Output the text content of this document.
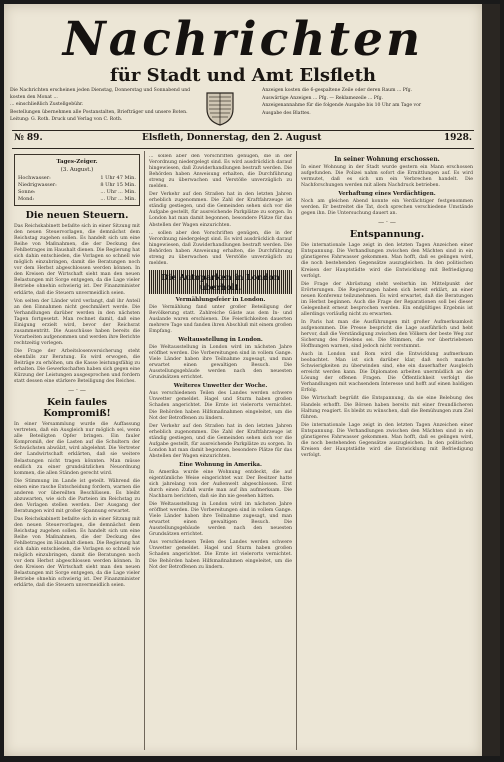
Nachrichten
für Stadt und Amt Elsfleth

Die Nachrichten erscheinen jeden Dienstag, Donnerstag und Sonnabend und kosten den Monat ...

... einschließlich Zustellgebühr.

Bestellungen übernehmen alle Postanstalten, Briefträger und unsere Boten.

Leitung: G. Roth. Druck und Verlag von C. Roth.

Anzeigen kosten die 6-gespaltene Zeile oder deren Raum ... Pfg.

Auswärtige Anzeigen ... Pfg. — Reklamezeile ... Pfg.

Anzeigenannahme für die folgende Ausgabe bis 10 Uhr am Tage vor

Ausgabe des Blattes.

№ 89.	Elsfleth, Donnerstag, den 2. August	1928.
Tages-Zeiger.
(3. August.)
Hochwasser:	1 Uhr 47 Min.
Niedrigwasser:	8 Uhr 15 Min.
Sonne:	... Uhr ... Min.
Mond:	... Uhr ... Min.
Die neuen Steuern.

Das Reichskabinett befaßte sich in einer Sitzung mit den neuen Steuervorlagen, die demnächst dem Reichstag zugehen sollen. Es handelt sich um eine Reihe von Maßnahmen, die der Deckung des Fehlbetrages im Haushalt dienen. Die Regierung hat sich dahin entschieden, die Vorlagen so schnell wie möglich einzubringen, damit die Beratungen noch vor dem Herbst abgeschlossen werden können. In den Kreisen der Wirtschaft sieht man den neuen Belastungen mit Sorge entgegen, da die Lage vieler Betriebe ohnehin schwierig ist. Der Finanzminister erklärte, daß die Steuern unvermeidlich seien.

Von seiten der Länder wird verlangt, daß ihr Anteil an den Einnahmen nicht geschmälert werde. Die Verhandlungen darüber werden in den nächsten Tagen fortgesetzt. Man rechnet damit, daß eine Einigung erzielt wird, bevor der Reichsrat zusammentritt. Die Ausschüsse haben bereits die Vorarbeiten aufgenommen und werden ihre Berichte rechtzeitig vorlegen.

Die Frage der Arbeitslosenversicherung steht ebenfalls zur Beratung. Es wird erwogen, die Beiträge zu erhöhen, um die Kasse leistungsfähig zu erhalten. Die Gewerkschaften haben sich gegen eine Kürzung der Leistungen ausgesprochen und fordern statt dessen eine stärkere Beteiligung des Reiches.

— · —
Kein faules Kompromiß!

In einer Versammlung wurde die Auffassung vertreten, daß ein Ausgleich nur möglich sei, wenn alle Beteiligten Opfer bringen. Ein fauler Kompromiß, der die Lasten auf die Schultern der Schwächsten abwälzt, wird abgelehnt. Die Vertreter der Landwirtschaft erklärten, daß sie weitere Belastungen nicht tragen könnten. Man müsse endlich zu einer grundsätzlichen Neuordnung kommen, die allen Ständen gerecht wird.

Die Stimmung im Lande ist geteilt. Während die einen eine rasche Entscheidung fordern, warnen die anderen vor übereilten Beschlüssen. Es bleibt abzuwarten, wie sich die Parteien im Reichstag zu den Vorlagen stellen werden. Der Ausgang der Beratungen wird mit großer Spannung erwartet.

Das Reichskabinett befaßte sich in einer Sitzung mit den neuen Steuervorlagen, die demnächst dem Reichstag zugehen sollen. Es handelt sich um eine Reihe von Maßnahmen, die der Deckung des Fehlbetrages im Haushalt dienen. Die Regierung hat sich dahin entschieden, die Vorlagen so schnell wie möglich einzubringen, damit die Beratungen noch vor dem Herbst abgeschlossen werden können. In den Kreisen der Wirtschaft sieht man den neuen Belastungen mit Sorge entgegen, da die Lage vieler Betriebe ohnehin schwierig ist. Der Finanzminister erklärte, daß die Steuern unvermeidlich seien.

... sollen aber den Vorschriften genügen, die in der Verordnung niedergelegt sind. Es wird ausdrücklich darauf hingewiesen, daß Zuwiderhandlungen bestraft werden. Die Behörden haben Anweisung erhalten, die Durchführung streng zu überwachen und Verstöße unverzüglich zu melden.

Der Verkehr auf den Straßen hat in den letzten Jahren erheblich zugenommen. Die Zahl der Kraftfahrzeuge ist ständig gestiegen, und die Gemeinden sehen sich vor die Aufgabe gestellt, für ausreichende Parkplätze zu sorgen. In London hat man damit begonnen, besondere Plätze für das Abstellen der Wagen einzurichten.

... sollen aber den Vorschriften genügen, die in der Verordnung niedergelegt sind. Es wird ausdrücklich darauf hingewiesen, daß Zuwiderhandlungen bestraft werden. Die Behörden haben Anweisung erhalten, die Durchführung streng zu überwachen und Verstöße unverzüglich zu melden.

Die Autoparken in London überholt.
Vermählungsfeier in London.

Die Vermählung fand unter großer Beteiligung der Bevölkerung statt. Zahlreiche Gäste aus dem In- und Auslande waren erschienen. Die Feierlichkeiten dauerten mehrere Tage und fanden ihren Abschluß mit einem großen Empfang.

Weltausstellung in London.

Die Weltausstellung in London wird im nächsten Jahre eröffnet werden. Die Vorbereitungen sind in vollem Gange. Viele Länder haben ihre Teilnahme zugesagt, und man erwartet einen gewaltigen Besuch. Die Ausstellungsgebäude werden nach den neuesten Grundsätzen errichtet.

Weiteres Unwetter der Woche.

Aus verschiedenen Teilen des Landes werden schwere Unwetter gemeldet. Hagel und Sturm haben großen Schaden angerichtet. Die Ernte ist vielerorts vernichtet. Die Behörden haben Hilfsmaßnahmen eingeleitet, um die Not der Betroffenen zu lindern.

Der Verkehr auf den Straßen hat in den letzten Jahren erheblich zugenommen. Die Zahl der Kraftfahrzeuge ist ständig gestiegen, und die Gemeinden sehen sich vor die Aufgabe gestellt, für ausreichende Parkplätze zu sorgen. In London hat man damit begonnen, besondere Plätze für das Abstellen der Wagen einzurichten.

Eine Wohnung in Amerika.

In Amerika wurde eine Wohnung entdeckt, die auf eigentümliche Weise eingerichtet war. Der Besitzer hatte sich jahrelang von der Außenwelt abgeschlossen. Erst durch einen Zufall wurde man auf ihn aufmerksam. Die Nachbarn berichten, daß sie ihn nie gesehen hätten.

Die Weltausstellung in London wird im nächsten Jahre eröffnet werden. Die Vorbereitungen sind in vollem Gange. Viele Länder haben ihre Teilnahme zugesagt, und man erwartet einen gewaltigen Besuch. Die Ausstellungsgebäude werden nach den neuesten Grundsätzen errichtet.

Aus verschiedenen Teilen des Landes werden schwere Unwetter gemeldet. Hagel und Sturm haben großen Schaden angerichtet. Die Ernte ist vielerorts vernichtet. Die Behörden haben Hilfsmaßnahmen eingeleitet, um die Not der Betroffenen zu lindern.

In seiner Wohnung erschossen.

In einer Wohnung in der Stadt wurde gestern ein Mann erschossen aufgefunden. Die Polizei nahm sofort die Ermittlungen auf. Es wird vermutet, daß es sich um ein Verbrechen handelt. Die Nachforschungen werden mit allem Nachdruck betrieben.

Verhaftung eines Verdächtigen.

Noch am gleichen Abend konnte ein Verdächtiger festgenommen werden. Er bestreitet die Tat, doch sprechen verschiedene Umstände gegen ihn. Die Untersuchung dauert an.

— · —
Entspannung.

Die internationale Lage zeigt in den letzten Tagen Anzeichen einer Entspannung. Die Verhandlungen zwischen den Mächten sind in ein günstigeres Fahrwasser gekommen. Man hofft, daß es gelingen wird, die noch bestehenden Gegensätze auszugleichen. In den politischen Kreisen der Hauptstädte wird die Entwicklung mit Befriedigung verfolgt.

Die Frage der Abrüstung steht weiterhin im Mittelpunkt der Erörterungen. Die Regierungen haben sich bereit erklärt, an einer neuen Konferenz teilzunehmen. Es wird erwartet, daß die Beratungen im Herbst beginnen. Auch die Frage der Reparationen soll bei dieser Gelegenheit erneut besprochen werden. Ein endgültiges Ergebnis ist allerdings vorläufig nicht zu erwarten.

In Paris hat man die Ausführungen mit großer Aufmerksamkeit aufgenommen. Die Presse bespricht die Lage ausführlich und hebt hervor, daß die Verständigung zwischen den Völkern der beste Weg zur Sicherung des Friedens sei. Die Stimmen, die vor übertriebenen Hoffnungen warnen, sind jedoch nicht verstummt.

Auch in London und Rom wird die Entwicklung aufmerksam beobachtet. Man ist sich darüber klar, daß noch manche Schwierigkeiten zu überwinden sind, ehe ein dauerhafter Ausgleich erreicht werden kann. Die Diplomaten arbeiten unermüdlich an der Lösung der offenen Fragen. Die Öffentlichkeit verfolgt die Verhandlungen mit wachsendem Interesse und hofft auf einen baldigen Erfolg.

Die Wirtschaft begrüßt die Entspannung, da sie eine Belebung des Handels erhofft. Die Börsen haben bereits mit einer freundlicheren Haltung reagiert. Es bleibt zu wünschen, daß die Bemühungen zum Ziel führen.

Die internationale Lage zeigt in den letzten Tagen Anzeichen einer Entspannung. Die Verhandlungen zwischen den Mächten sind in ein günstigeres Fahrwasser gekommen. Man hofft, daß es gelingen wird, die noch bestehenden Gegensätze auszugleichen. In den politischen Kreisen der Hauptstädte wird die Entwicklung mit Befriedigung verfolgt.
